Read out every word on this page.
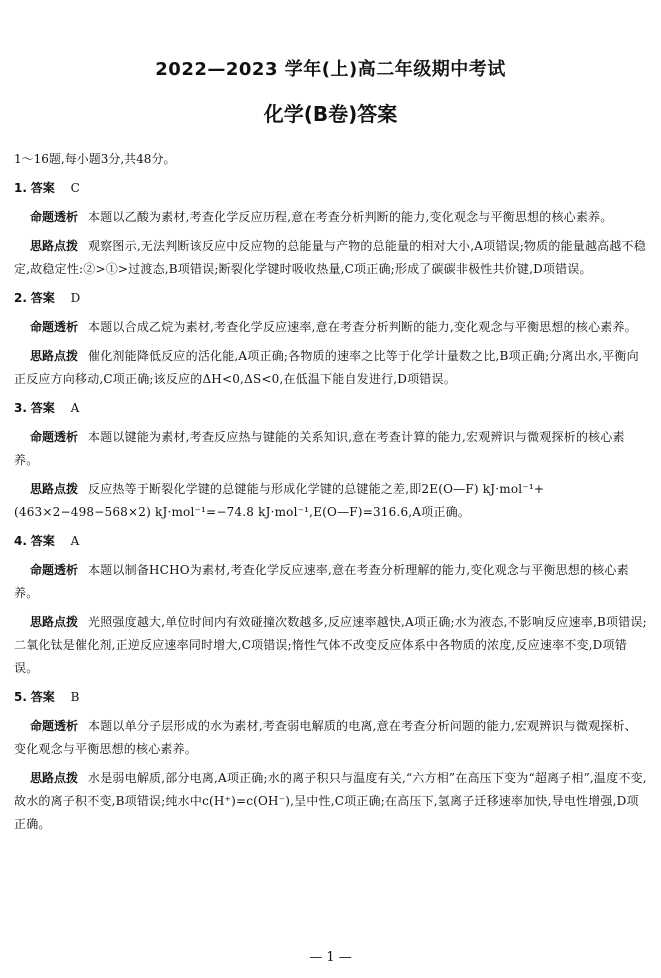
2022—2023 学年(上)高二年级期中考试
化学(B卷)答案
1～16题,每小题3分,共48分。
1. 答案 C
命题透析 本题以乙酸为素材,考查化学反应历程,意在考查分析判断的能力,变化观念与平衡思想的核心素养。
思路点拨 观察图示,无法判断该反应中反应物的总能量与产物的总能量的相对大小,A项错误;物质的能量越高越不稳定,故稳定性:②>①>过渡态,B项错误;断裂化学键时吸收热量,C项正确;形成了碳碳非极性共价键,D项错误。
2. 答案 D
命题透析 本题以合成乙烷为素材,考查化学反应速率,意在考查分析判断的能力,变化观念与平衡思想的核心素养。
思路点拨 催化剂能降低反应的活化能,A项正确;各物质的速率之比等于化学计量数之比,B项正确;分离出水,平衡向正反应方向移动,C项正确;该反应的ΔH<0,ΔS<0,在低温下能自发进行,D项错误。
3. 答案 A
命题透析 本题以键能为素材,考查反应热与键能的关系知识,意在考查计算的能力,宏观辨识与微观探析的核心素养。
思路点拨 反应热等于断裂化学键的总键能与形成化学键的总键能之差,即2E(O—F) kJ·mol⁻¹+(463×2−498−568×2) kJ·mol⁻¹=−74.8 kJ·mol⁻¹,E(O—F)=316.6,A项正确。
4. 答案 A
命题透析 本题以制备HCHO为素材,考查化学反应速率,意在考查分析理解的能力,变化观念与平衡思想的核心素养。
思路点拨 光照强度越大,单位时间内有效碰撞次数越多,反应速率越快,A项正确;水为液态,不影响反应速率,B项错误;二氧化钛是催化剂,正逆反应速率同时增大,C项错误;惰性气体不改变反应体系中各物质的浓度,反应速率不变,D项错误。
5. 答案 B
命题透析 本题以单分子层形成的水为素材,考查弱电解质的电离,意在考查分析问题的能力,宏观辨识与微观探析、变化观念与平衡思想的核心素养。
思路点拨 水是弱电解质,部分电离,A项正确;水的离子积只与温度有关,“六方相”在高压下变为“超离子相”,温度不变,故水的离子积不变,B项错误;纯水中c(H⁺)=c(OH⁻),呈中性,C项正确;在高压下,氢离子迁移速率加快,导电性增强,D项正确。
— 1 —
